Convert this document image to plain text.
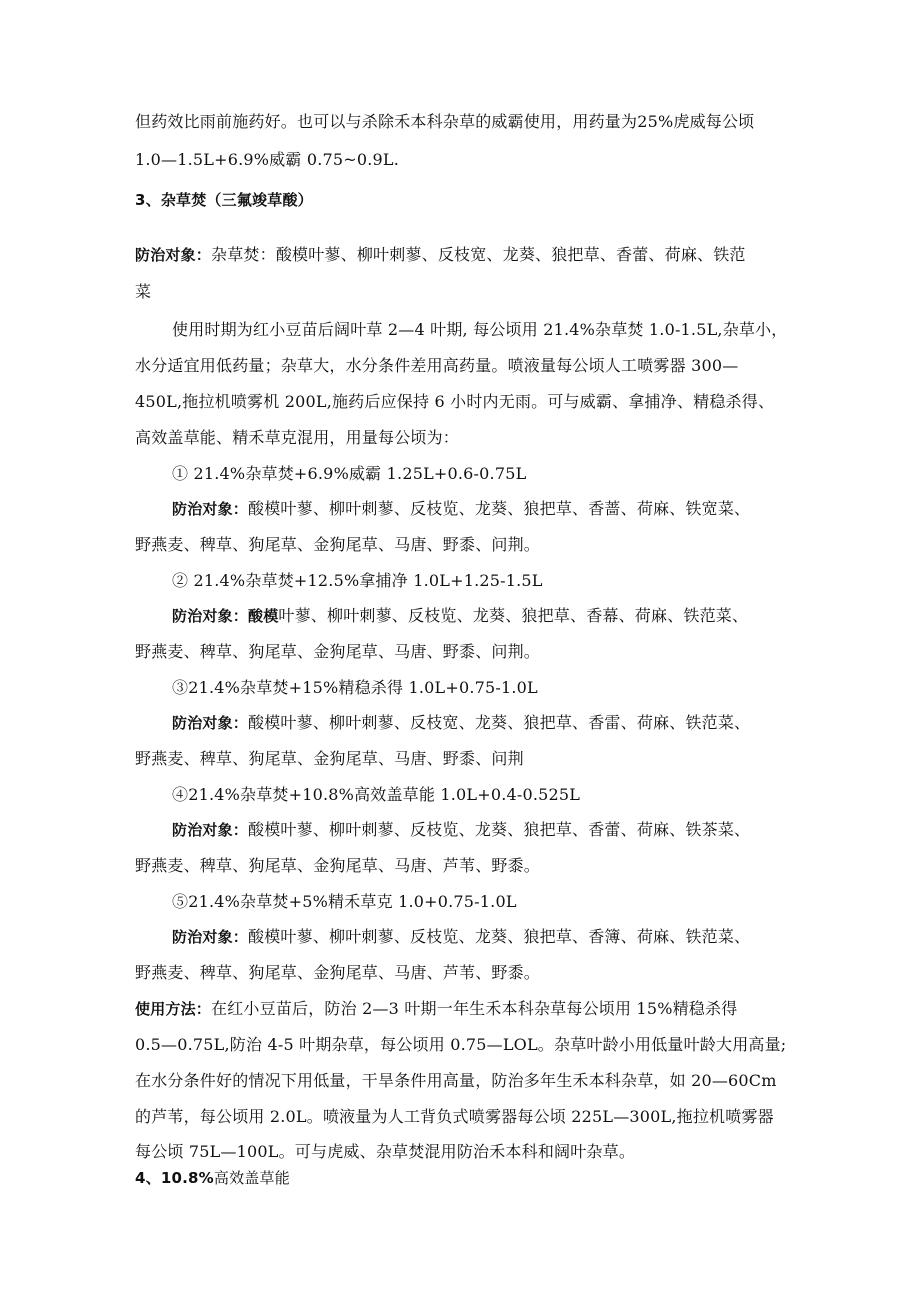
但药效比雨前施药好。也可以与杀除禾本科杂草的威霸使用，用药量为25%虎威每公顷
1.0—1.5L+6.9%威霸 0.75~0.9L.
3、杂草焚（三氟竣草酸）
防治对象：杂草焚：酸模叶蓼、柳叶刺蓼、反枝宽、龙葵、狼把草、香蕾、荷麻、铁范
菜
使用时期为红小豆苗后阔叶草 2—4 叶期, 每公顷用 21.4%杂草焚 1.0-1.5L,杂草小，
水分适宜用低药量；杂草大，水分条件差用高药量。喷液量每公顷人工喷雾器 300—
450L,拖拉机喷雾机 200L,施药后应保持 6 小时内无雨。可与威霸、拿捕净、精稳杀得、
高效盖草能、精禾草克混用，用量每公顷为：
① 21.4%杂草焚+6.9%威霸 1.25L+0.6-0.75L
防治对象：酸模叶蓼、柳叶刺蓼、反枝览、龙葵、狼把草、香蔷、荷麻、铁宽菜、
野燕麦、稗草、狗尾草、金狗尾草、马唐、野黍、问荆。
② 21.4%杂草焚+12.5%拿捕净 1.0L+1.25-1.5L
防治对象：酸模叶蓼、柳叶刺蓼、反枝览、龙葵、狼把草、香幕、荷麻、铁范菜、
野燕麦、稗草、狗尾草、金狗尾草、马唐、野黍、问荆。
③21.4%杂草焚+15%精稳杀得 1.0L+0.75-1.0L
防治对象：酸模叶蓼、柳叶刺蓼、反枝宽、龙葵、狼把草、香雷、荷麻、铁范菜、
野燕麦、稗草、狗尾草、金狗尾草、马唐、野黍、问荆
④21.4%杂草焚+10.8%高效盖草能 1.0L+0.4-0.525L
防治对象：酸模叶蓼、柳叶刺蓼、反枝览、龙葵、狼把草、香蕾、荷麻、铁茶菜、
野燕麦、稗草、狗尾草、金狗尾草、马唐、芦苇、野黍。
⑤21.4%杂草焚+5%精禾草克 1.0+0.75-1.0L
防治对象：酸模叶蓼、柳叶刺蓼、反枝览、龙葵、狼把草、香簿、荷麻、铁范菜、
野燕麦、稗草、狗尾草、金狗尾草、马唐、芦苇、野黍。
使用方法：在红小豆苗后，防治 2—3 叶期一年生禾本科杂草每公顷用 15%精稳杀得
0.5—0.75L,防治 4-5 叶期杂草，每公顷用 0.75—LOL。杂草叶龄小用低量叶龄大用高量;
在水分条件好的情况下用低量，干旱条件用高量，防治多年生禾本科杂草，如 20—60Cm
的芦苇，每公顷用 2.0L。喷液量为人工背负式喷雾器每公顷 225L—300L,拖拉机喷雾器
每公顷 75L—100L。可与虎威、杂草焚混用防治禾本科和阔叶杂草。
4、10.8%高效盖草能
